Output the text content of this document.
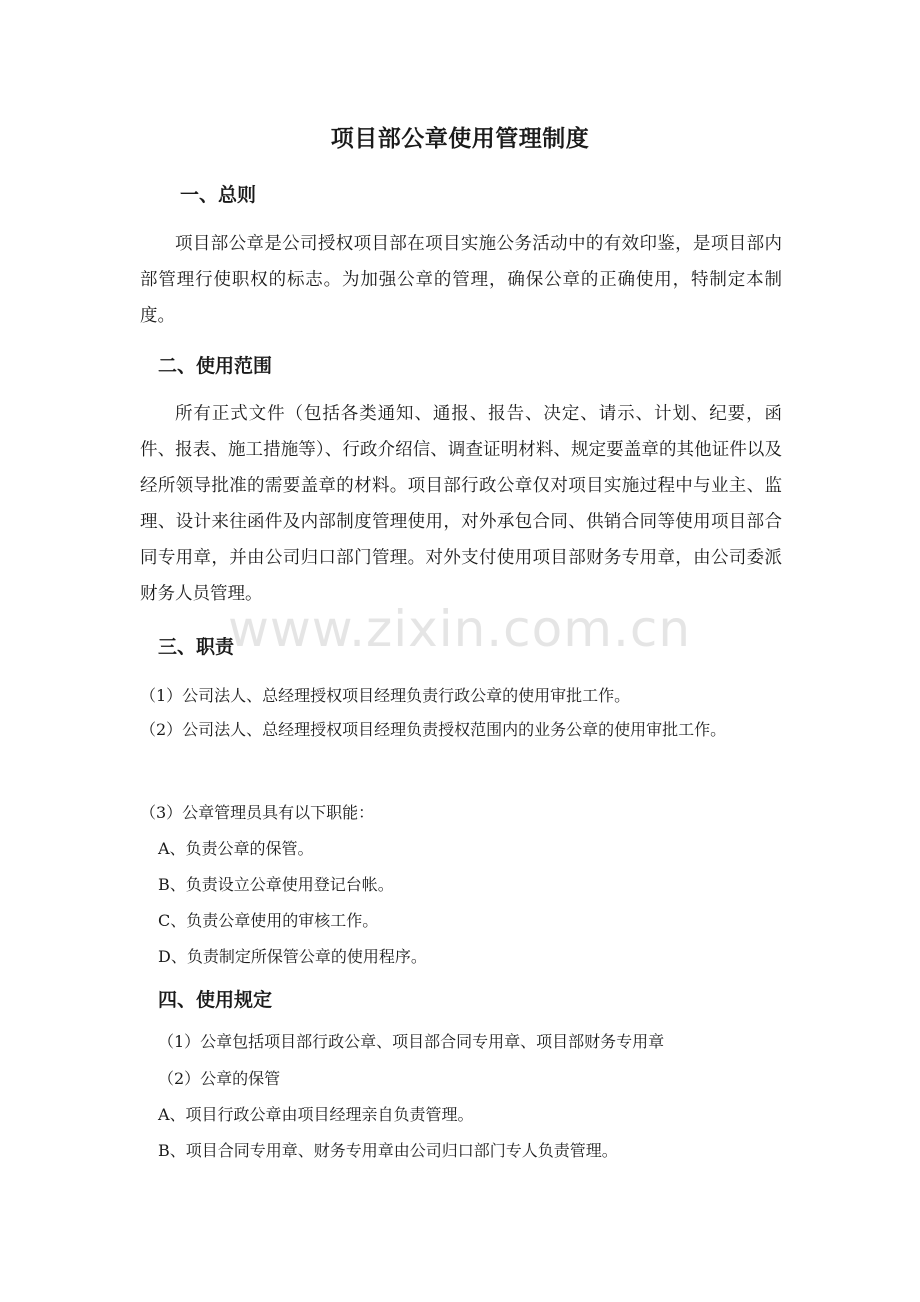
项目部公章使用管理制度
一、总则

项目部公章是公司授权项目部在项目实施公务活动中的有效印鉴，是项目部内部管理行使职权的标志。为加强公章的管理，确保公章的正确使用，特制定本制度。

二、使用范围

所有正式文件（包括各类通知、通报、报告、决定、请示、计划、纪要，函件、报表、施工措施等）、行政介绍信、调查证明材料、规定要盖章的其他证件以及经所领导批准的需要盖章的材料。项目部行政公章仅对项目实施过程中与业主、监理、设计来往函件及内部制度管理使用，对外承包合同、供销合同等使用项目部合同专用章，并由公司归口部门管理。对外支付使用项目部财务专用章，由公司委派财务人员管理。

三、职责
（1）公司法人、总经理授权项目经理负责行政公章的使用审批工作。

（2）公司法人、总经理授权项目经理负责授权范围内的业务公章的使用审批工作。

（3）公章管理员具有以下职能：
A、负责公章的保管。
B、负责设立公章使用登记台帐。
C、负责公章使用的审核工作。
D、负责制定所保管公章的使用程序。
四、使用规定
（1）公章包括项目部行政公章、项目部合同专用章、项目部财务专用章
（2）公章的保管
A、项目行政公章由项目经理亲自负责管理。
B、项目合同专用章、财务专用章由公司归口部门专人负责管理。
www.zixin.com.cn
